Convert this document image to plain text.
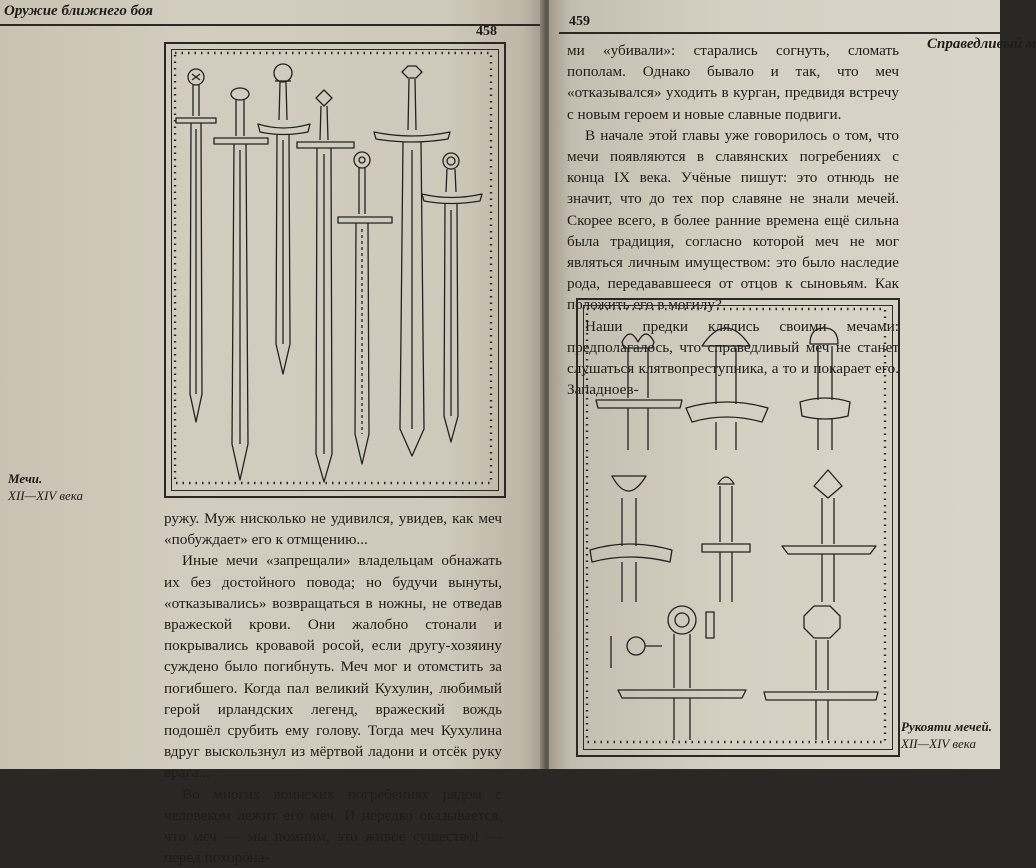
Оружие ближнего боя
458
Мечи.
XII—XIV века

ружу. Муж нисколько не удивился, увидев, как меч «побуждает» его к отмщению...

Иные мечи «запрещали» владельцам обнажать их без достойного повода; но будучи вынуты, «отказывались» возвращаться в ножны, не отведав вражеской крови. Они жалобно стонали и покрывались кровавой росой, если другу-хозяину суждено было погибнуть. Меч мог и отомстить за погибшего. Когда пал великий Кухулин, любимый герой ирландских легенд, вражеский вождь подошёл срубить ему голову. Тогда меч Кухулина вдруг выскользнул из мёртвой ладони и отсёк руку врага...

Во многих воинских погребениях рядом с человеком лежит его меч. И нередко оказывается, что меч — мы помним, это живое существо! — перед похорона-

459
Справедливый м

ми «убивали»: старались согнуть, сломать пополам. Однако бывало и так, что меч «отказывался» уходить в курган, предвидя встречу с новым героем и новые славные подвиги.

В начале этой главы уже говорилось о том, что мечи появляются в славянских погребениях с конца IX века. Учёные пишут: это отнюдь не значит, что до тех пор славяне не знали мечей. Скорее всего, в более ранние времена ещё сильна была традиция, согласно которой меч не мог являться личным имуществом: это было наследие рода, передававшееся от отцов к сыновьям. Как положить его в могилу?

Наши предки клялись своими мечами: предполагалось, что справедливый меч не станет слушаться клятвопреступника, а то и покарает его. Западноев-

Рукояти мечей.
XII—XIV века
